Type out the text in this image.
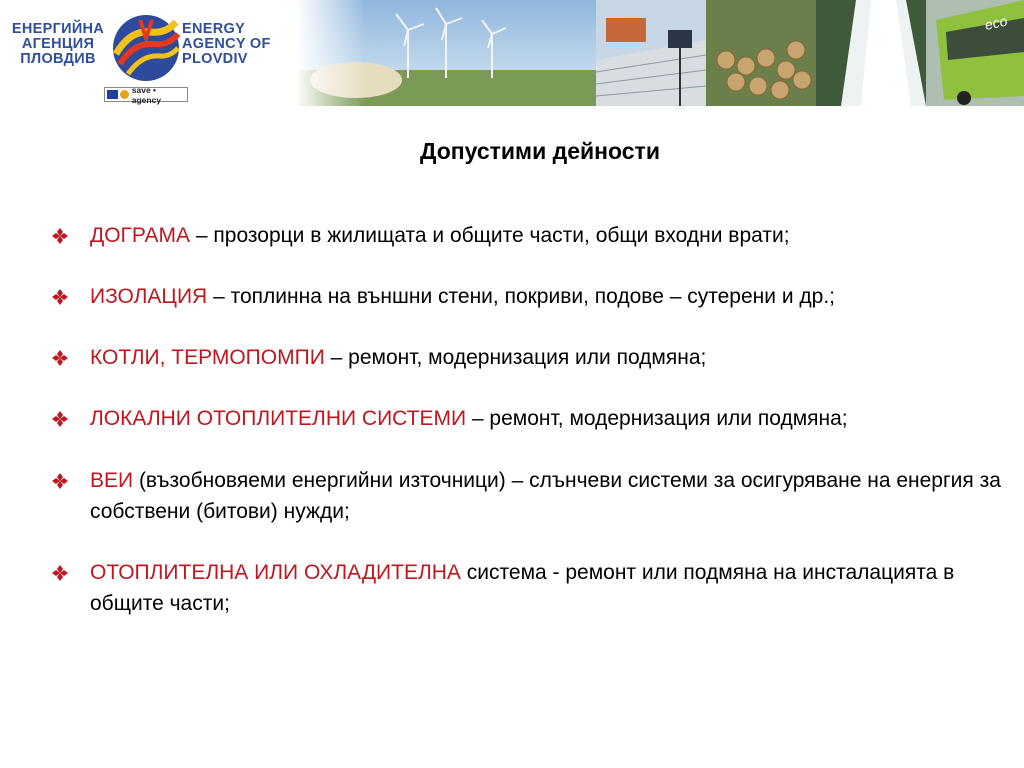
ЕНЕРГИЙНА
АГЕНЦИЯ
ПЛОВДИВ
ENERGY
AGENCY OF
PLOVDIV
save • agency
eco
Допустими дейности
ДОГРАМА – прозорци в жилищата и общите части, общи входни врати;
ИЗОЛАЦИЯ – топлинна на външни стени, покриви, подове – сутерени и др.;
КОТЛИ, ТЕРМОПОМПИ – ремонт, модернизация или подмяна;
ЛОКАЛНИ ОТОПЛИТЕЛНИ СИСТЕМИ – ремонт, модернизация или подмяна;
ВЕИ (възобновяеми енергийни източници) – слънчеви системи за осигуряване на енергия за собствени (битови) нужди;
ОТОПЛИТЕЛНА ИЛИ ОХЛАДИТЕЛНА система - ремонт или подмяна на инсталацията в общите части;
